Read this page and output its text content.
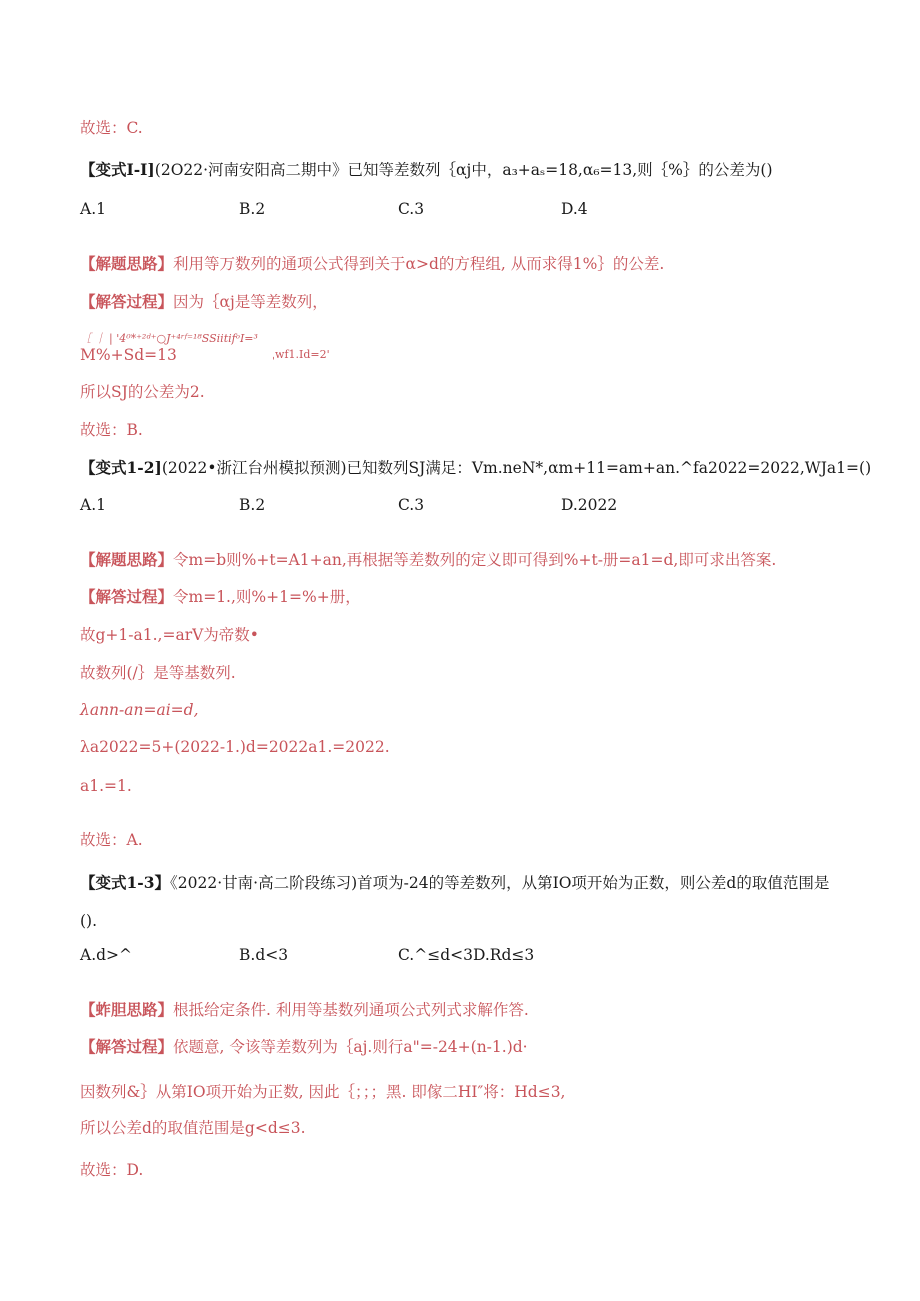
故选：C.
【变式I-I](2O22·河南安阳高二期中》已知等差数列｛αj中，a₃+aₛ=18,α₆=13,则｛%｝的公差为()
A.1	B.2	C.3	D.4
【解题思路】利用等万数列的通项公式得到关于α>d的方程组, 从而求得1%｝的公差.
【解答过程】因为｛αj是等差数列，
［ ｜ | '4⁰*⁺²ᵈ⁺○J⁺⁴ʳᶠ⁼¹⁸SSiitifᵒI=³
M%+Sd=13	ˌwf1.Id=2'
所以SJ的公差为2.
故选：B.
【变式1-2](2022•浙江台州模拟预测)已知数列SJ满足：Vm.neN*,αm+11=am+an.^fa2022=2022,WJa1=()
A.1	B.2	C.3	D.2022
【解题思路】令m=b则%+t=A1+an,再根据等差数列的定义即可得到%+t-册=a1=d,即可求出答案.
【解答过程】令m=1.,则%+1=%+册，
故g+1-a1.,=arV为帝数•
故数列(/｝是等基数列.
λann-an=ai=d,
λa2022=5+(2022-1.)d=2022a1.=2022.
a1.=1.
故选：A.
【变式1-3】《2022·甘南·高二阶段练习)首项为-24的等差数列，从第IO项开始为正数，则公差d的取值范围是().
A.d>^	B.d<3	C.^≤d<3D.Rd≤3
【蚱胆思路】根抵给定条件. 利用等基数列通项公式列式求解作答.
【解答过程】依题意, 令该等差数列为｛aj.则行a"=-24+(n-1.)d·
因数列&｝从第IO项开始为正数, 因此｛；；；黑. 即傢二HI″将：Hd≤3,
所以公差d的取值范围是g<d≤3.
故选：D.
